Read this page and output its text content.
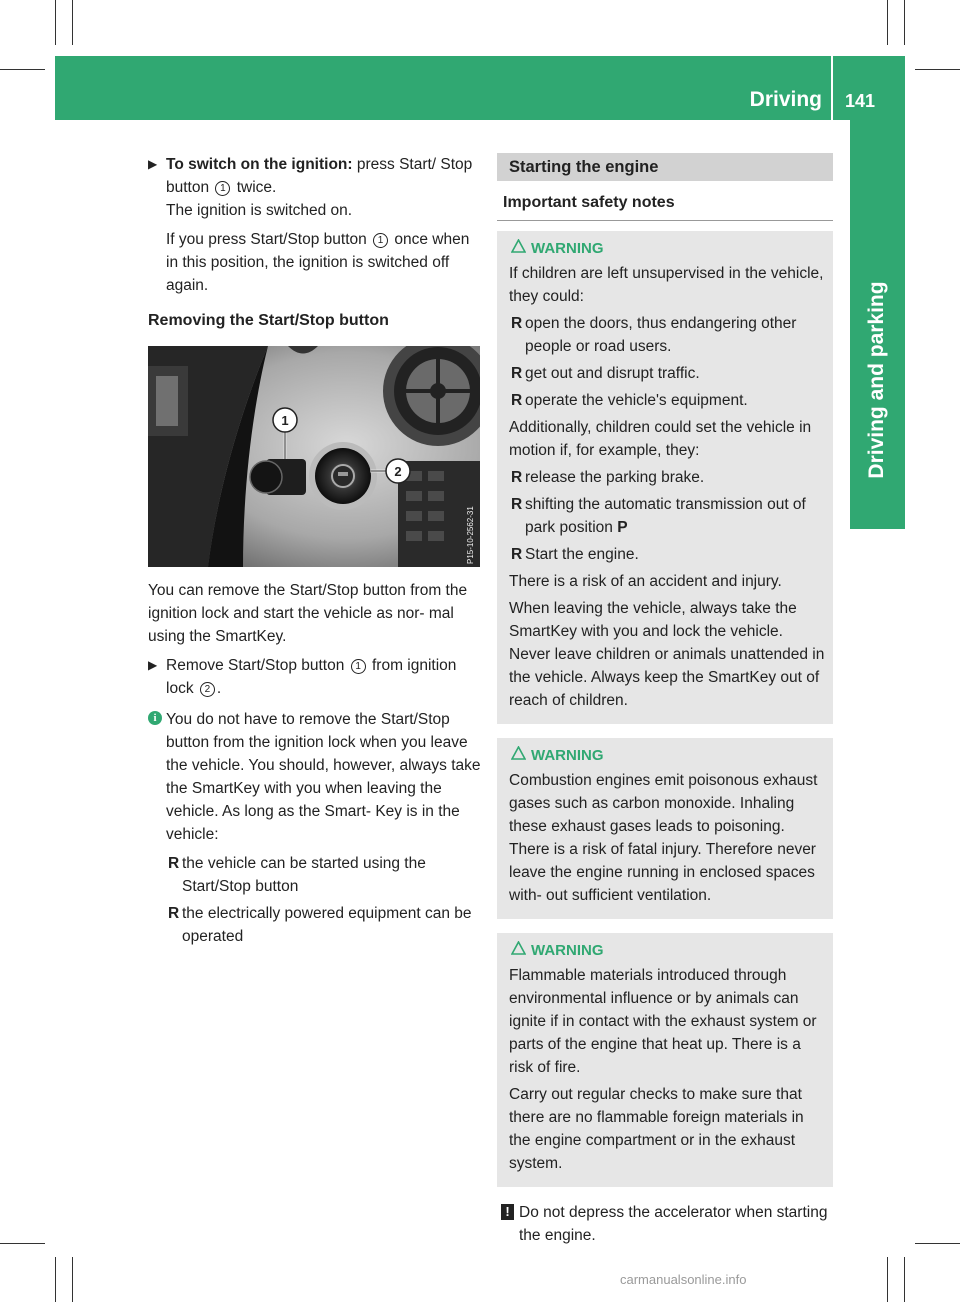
Driving 141
Driving and parking
▶ To switch on the ignition: press Start/ Stop button 1 twice.
The ignition is switched on.

If you press Start/Stop button 1 once when in this position, the ignition is switched off again.

Removing the Start/Stop button
1
2
P15-10-2562-31

You can remove the Start/Stop button from the ignition lock and start the vehicle as nor- mal using the SmartKey.

▶ Remove Start/Stop button 1 from ignition lock 2 .
i You do not have to remove the Start/Stop button from the ignition lock when you leave the vehicle. You should, however, always take the SmartKey with you when leaving the vehicle. As long as the Smart- Key is in the vehicle:

R the vehicle can be started using the Start/Stop button
R the electrically powered equipment can be operated
Starting the engine
Important safety notes
WARNING

If children are left unsupervised in the vehicle, they could:

R open the doors, thus endangering other people or road users.
R get out and disrupt traffic.
R operate the vehicle's equipment.

Additionally, children could set the vehicle in motion if, for example, they:

R release the parking brake.
R shifting the automatic transmission out of park position P
R Start the engine.

There is a risk of an accident and injury.

When leaving the vehicle, always take the SmartKey with you and lock the vehicle. Never leave children or animals unattended in the vehicle. Always keep the SmartKey out of reach of children.

WARNING

Combustion engines emit poisonous exhaust gases such as carbon monoxide. Inhaling these exhaust gases leads to poisoning. There is a risk of fatal injury. Therefore never leave the engine running in enclosed spaces with- out sufficient ventilation.

WARNING

Flammable materials introduced through environmental influence or by animals can ignite if in contact with the exhaust system or parts of the engine that heat up. There is a risk of fire.

Carry out regular checks to make sure that there are no flammable foreign materials in the engine compartment or in the exhaust system.

! Do not depress the accelerator when starting the engine.
carmanualsonline.info
